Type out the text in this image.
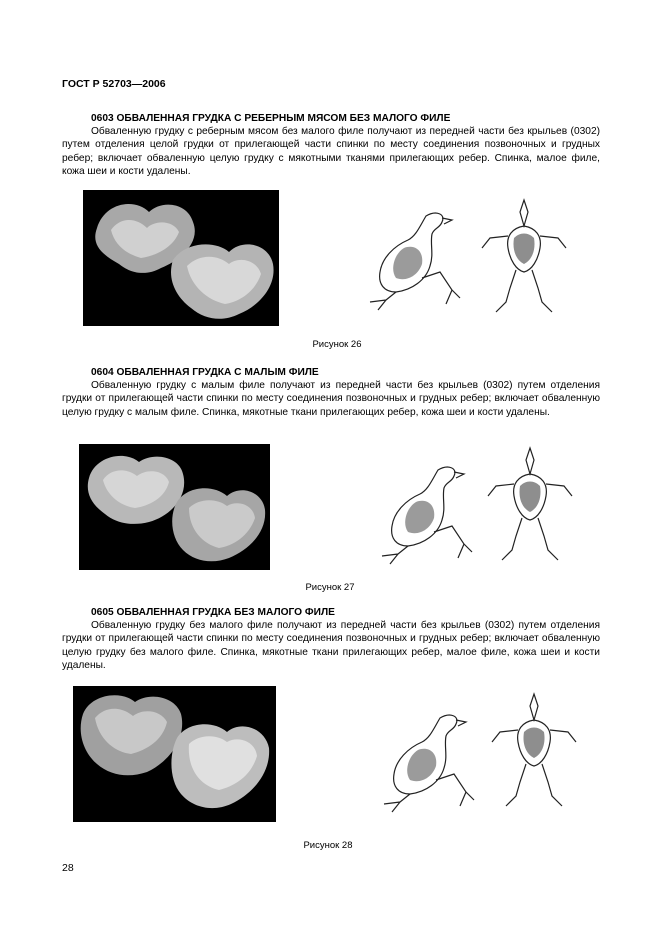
ГОСТ Р 52703—2006
0603 ОБВАЛЕННАЯ ГРУДКА С РЕБЕРНЫМ МЯСОМ БЕЗ МАЛОГО ФИЛЕ

Обваленную грудку с реберным мясом без малого филе получают из передней части без крыльев (0302) путем отделения целой грудки от прилегающей части спинки по месту соединения позвоночных и грудных ребер; включает обваленную целую грудку с мякотными тканями прилегающих ребер. Спинка, малое филе, кожа шеи и кости удалены.

Рисунок 26
0604 ОБВАЛЕННАЯ ГРУДКА С МАЛЫМ ФИЛЕ

Обваленную грудку с малым филе получают из передней части без крыльев (0302) путем отделения грудки от прилегающей части спинки по месту соединения позвоночных и грудных ребер; включает обваленную целую грудку с малым филе. Спинка, мякотные ткани прилегающих ребер, кожа шеи и кости удалены.

Рисунок 27
0605 ОБВАЛЕННАЯ ГРУДКА БЕЗ МАЛОГО ФИЛЕ

Обваленную грудку без малого филе получают из передней части без крыльев (0302) путем отделения грудки от прилегающей части спинки по месту соединения позвоночных и грудных ребер; включает обваленную целую грудку без малого филе. Спинка, мякотные ткани прилегающих ребер, малое филе, кожа шеи и кости удалены.

Рисунок 28
28
